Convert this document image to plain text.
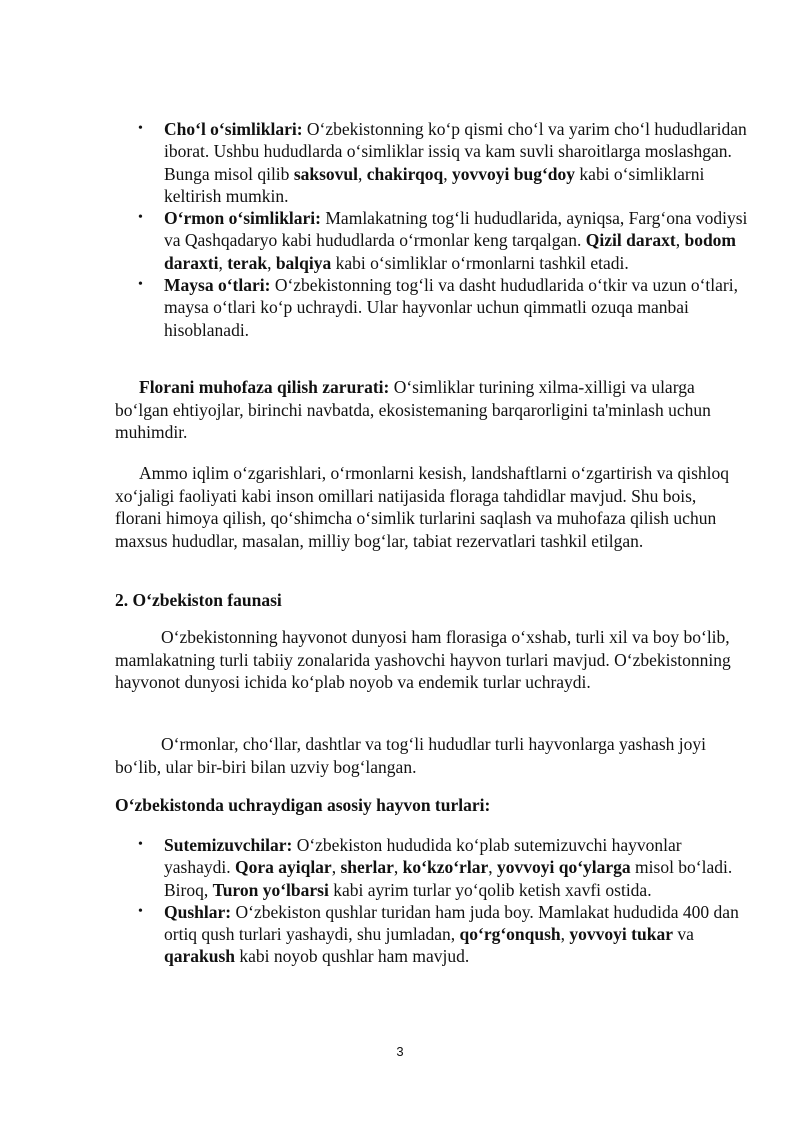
• Cho‘l o‘simliklari: O‘zbekistonning ko‘p qismi cho‘l va yarim cho‘l hududlaridan iborat. Ushbu hududlarda o‘simliklar issiq va kam suvli sharoitlarga moslashgan. Bunga misol qilib saksovul, chakirqoq, yovvoyi bug‘doy kabi o‘simliklarni keltirish mumkin.
• O‘rmon o‘simliklari: Mamlakatning tog‘li hududlarida, ayniqsa, Farg‘ona vodiysi va Qashqadaryo kabi hududlarda o‘rmonlar keng tarqalgan. Qizil daraxt, bodom daraxti, terak, balqiya kabi o‘simliklar o‘rmonlarni tashkil etadi.
• Maysa o‘tlari: O‘zbekistonning tog‘li va dasht hududlarida o‘tkir va uzun o‘tlari, maysa o‘tlari ko‘p uchraydi. Ular hayvonlar uchun qimmatli ozuqa manbai hisoblanadi.

Florani muhofaza qilish zarurati: O‘simliklar turining xilma-xilligi va ularga bo‘lgan ehtiyojlar, birinchi navbatda, ekosistemaning barqarorligini ta'minlash uchun muhimdir.

Ammo iqlim o‘zgarishlari, o‘rmonlarni kesish, landshaftlarni o‘zgartirish va qishloq xo‘jaligi faoliyati kabi inson omillari natijasida floraga tahdidlar mavjud. Shu bois, florani himoya qilish, qo‘shimcha o‘simlik turlarini saqlash va muhofaza qilish uchun maxsus hududlar, masalan, milliy bog‘lar, tabiat rezervatlari tashkil etilgan.

2. O‘zbekiston faunasi

O‘zbekistonning hayvonot dunyosi ham florasiga o‘xshab, turli xil va boy bo‘lib, mamlakatning turli tabiiy zonalarida yashovchi hayvon turlari mavjud. O‘zbekistonning hayvonot dunyosi ichida ko‘plab noyob va endemik turlar uchraydi.

O‘rmonlar, cho‘llar, dashtlar va tog‘li hududlar turli hayvonlarga yashash joyi bo‘lib, ular bir-biri bilan uzviy bog‘langan.

O‘zbekistonda uchraydigan asosiy hayvon turlari:
• Sutemizuvchilar: O‘zbekiston hududida ko‘plab sutemizuvchi hayvonlar yashaydi. Qora ayiqlar, sherlar, ko‘kzo‘rlar, yovvoyi qo‘ylarga misol bo‘ladi. Biroq, Turon yo‘lbarsi kabi ayrim turlar yo‘qolib ketish xavfi ostida.
• Qushlar: O‘zbekiston qushlar turidan ham juda boy. Mamlakat hududida 400 dan ortiq qush turlari yashaydi, shu jumladan, qo‘rg‘onqush, yovvoyi tukar va qarakush kabi noyob qushlar ham mavjud.
3
